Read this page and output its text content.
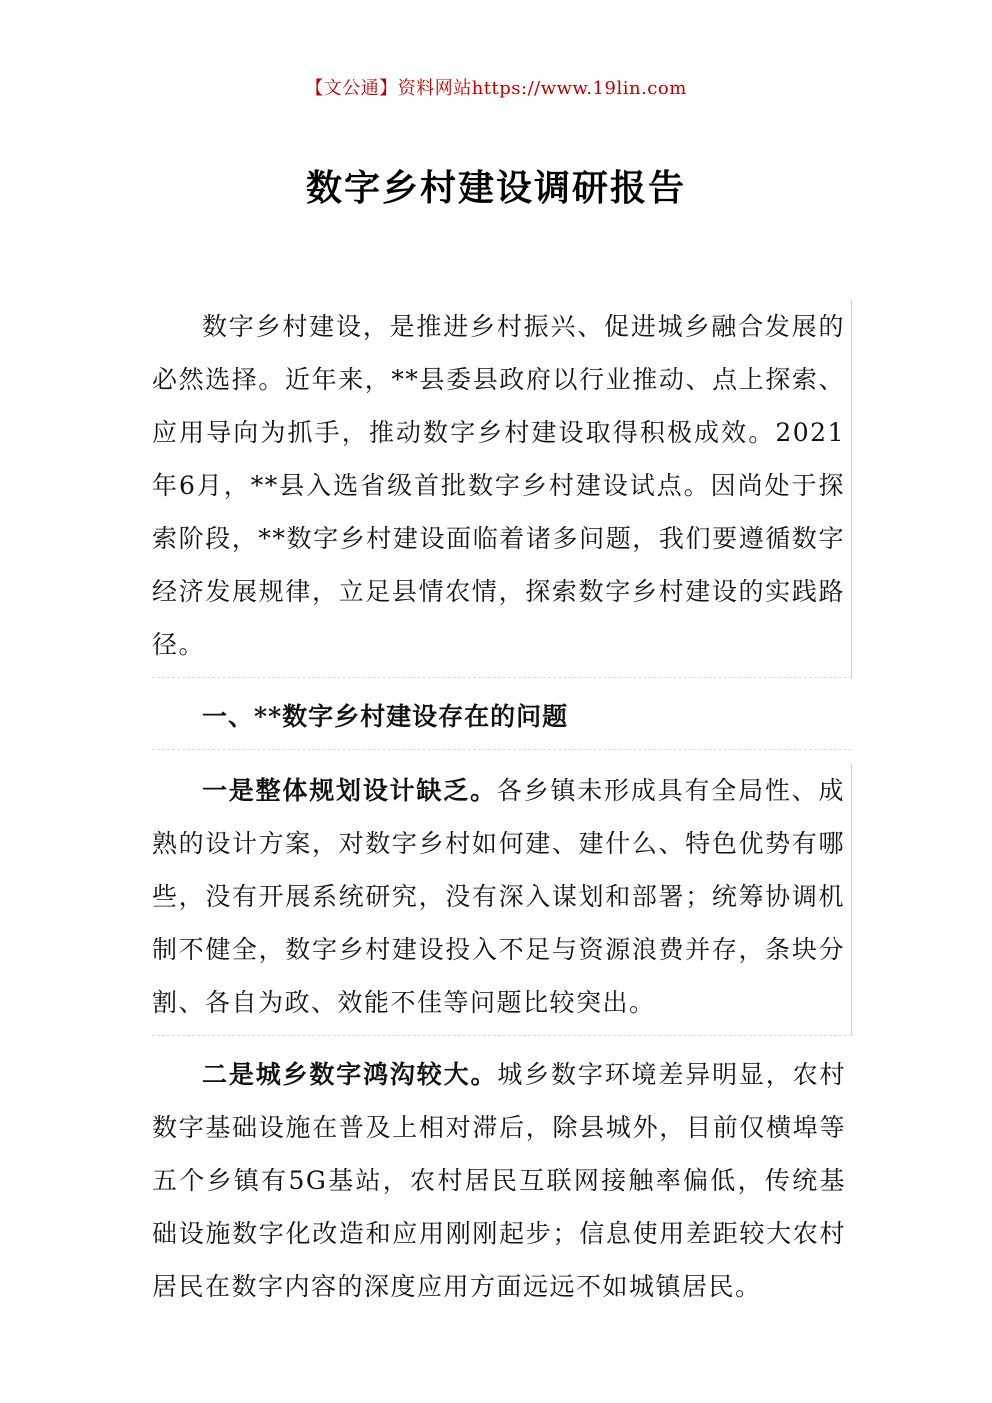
【文公通】资料网站https://www.19lin.com
数字乡村建设调研报告

数字乡村建设，是推进乡村振兴、促进城乡融合发展的必然选择。近年来，**县委县政府以行业推动、点上探索、应用导向为抓手，推动数字乡村建设取得积极成效。2021年6月，**县入选省级首批数字乡村建设试点。因尚处于探索阶段，**数字乡村建设面临着诸多问题，我们要遵循数字经济发展规律，立足县情农情，探索数字乡村建设的实践路径。

一、**数字乡村建设存在的问题

一是整体规划设计缺乏。各乡镇未形成具有全局性、成熟的设计方案，对数字乡村如何建、建什么、特色优势有哪些，没有开展系统研究，没有深入谋划和部署；统筹协调机制不健全，数字乡村建设投入不足与资源浪费并存，条块分割、各自为政、效能不佳等问题比较突出。

二是城乡数字鸿沟较大。城乡数字环境差异明显，农村数字基础设施在普及上相对滞后，除县城外，目前仅横埠等五个乡镇有5G基站，农村居民互联网接触率偏低，传统基础设施数字化改造和应用刚刚起步；信息使用差距较大农村居民在数字内容的深度应用方面远远不如城镇居民。
